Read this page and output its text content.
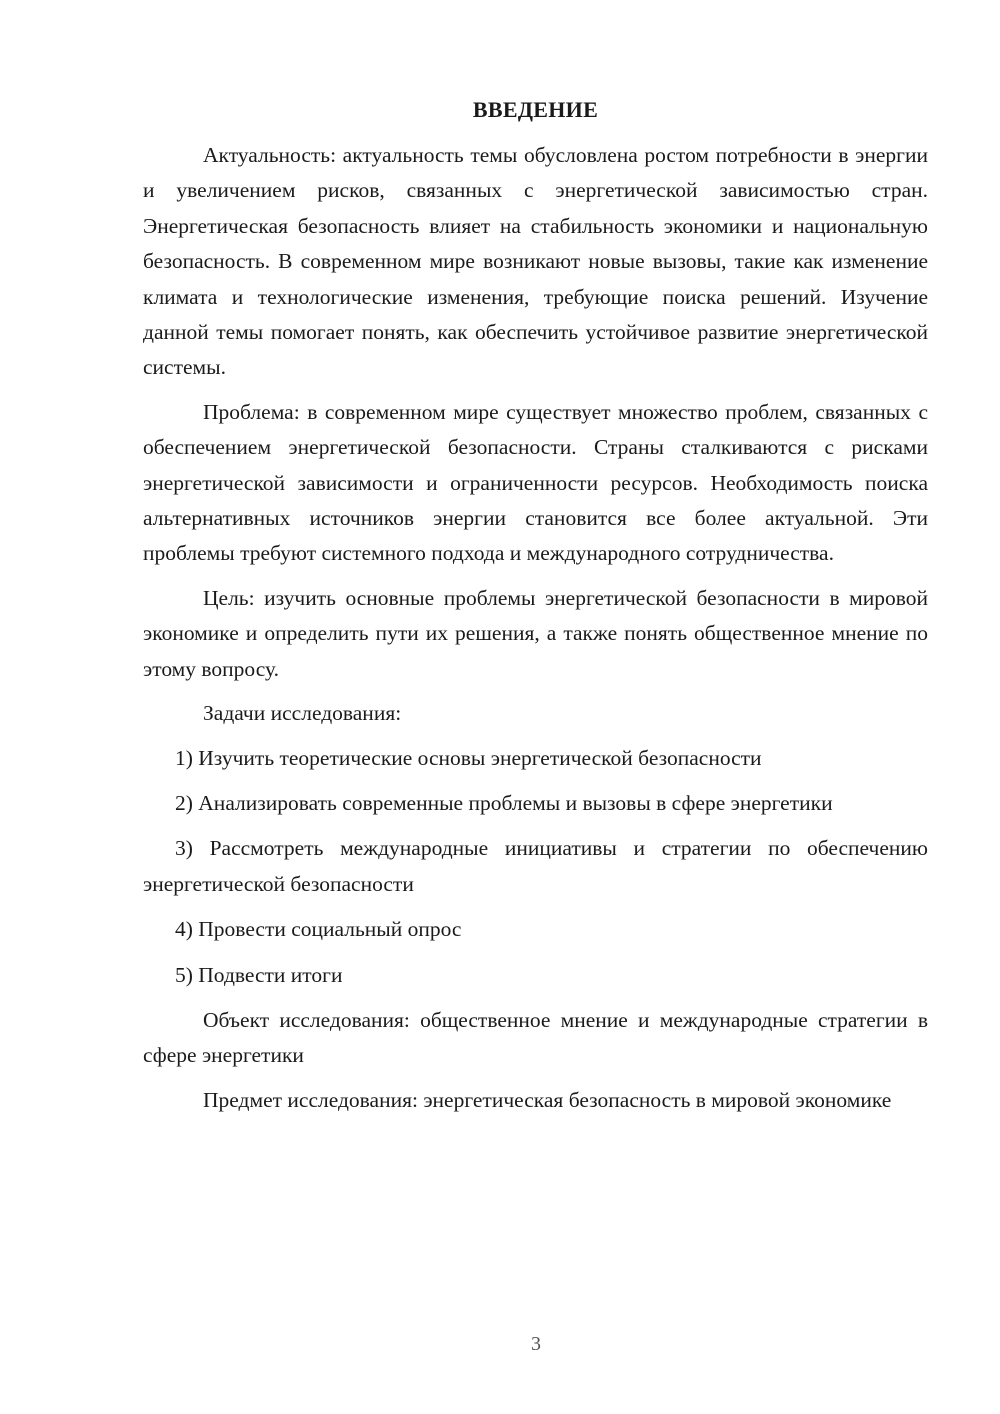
ВВЕДЕНИЕ

Актуальность: актуальность темы обусловлена ростом потребности в энергии и увеличением рисков, связанных с энергетической зависимостью стран. Энергетическая безопасность влияет на стабильность экономики и национальную безопасность. В современном мире возникают новые вызовы, такие как изменение климата и технологические изменения, требующие поиска решений. Изучение данной темы помогает понять, как обеспечить устойчивое развитие энергетической системы.

Проблема: в современном мире существует множество проблем, связанных с обеспечением энергетической безопасности. Страны сталкиваются с рисками энергетической зависимости и ограниченности ресурсов. Необходимость поиска альтернативных источников энергии становится все более актуальной. Эти проблемы требуют системного подхода и международного сотрудничества.

Цель: изучить основные проблемы энергетической безопасности в мировой экономике и определить пути их решения, а также понять общественное мнение по этому вопросу.

Задачи исследования:

1) Изучить теоретические основы энергетической безопасности

2) Анализировать современные проблемы и вызовы в сфере энергетики

3) Рассмотреть международные инициативы и стратегии по обеспечению энергетической безопасности

4) Провести социальный опрос

5) Подвести итоги

Объект исследования: общественное мнение и международные стратегии в сфере энергетики

Предмет исследования: энергетическая безопасность в мировой экономике

3
